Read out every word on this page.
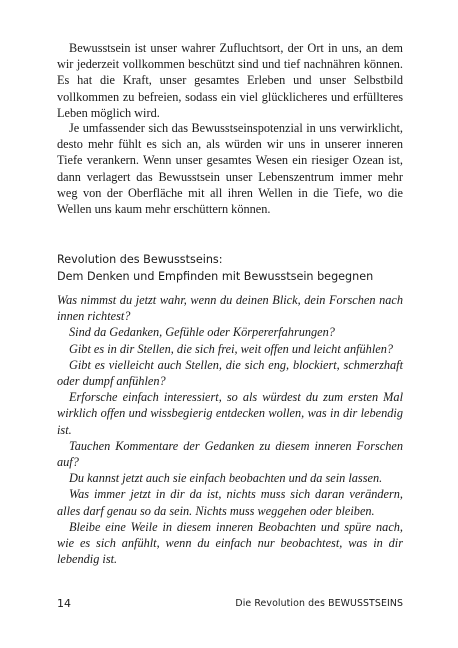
Bewusstsein ist unser wahrer Zufluchtsort, der Ort in uns, an dem wir jederzeit vollkommen beschützt sind und tief nachnähren können. Es hat die Kraft, unser gesamtes Erleben und unser Selbstbild vollkommen zu befreien, sodass ein viel glücklicheres und erfüllteres Leben möglich wird.

Je umfassender sich das Bewusstseinspotenzial in uns verwirklicht, desto mehr fühlt es sich an, als würden wir uns in unserer inneren Tiefe verankern. Wenn unser gesamtes Wesen ein riesiger Ozean ist, dann verlagert das Bewusstsein unser Lebenszentrum immer mehr weg von der Oberfläche mit all ihren Wellen in die Tiefe, wo die Wellen uns kaum mehr erschüttern können.

Revolution des Bewusstseins:

Dem Denken und Empfinden mit Bewusstsein begegnen

Was nimmst du jetzt wahr, wenn du deinen Blick, dein Forschen nach innen richtest?
Sind da Gedanken, Gefühle oder Körpererfahrungen?
Gibt es in dir Stellen, die sich frei, weit offen und leicht anfühlen?
Gibt es vielleicht auch Stellen, die sich eng, blockiert, schmerzhaft oder dumpf anfühlen?
Erforsche einfach interessiert, so als würdest du zum ersten Mal wirklich offen und wissbegierig entdecken wollen, was in dir lebendig ist.
Tauchen Kommentare der Gedanken zu diesem inneren Forschen auf?
Du kannst jetzt auch sie einfach beobachten und da sein lassen.
Was immer jetzt in dir da ist, nichts muss sich daran verändern, alles darf genau so da sein. Nichts muss weggehen oder bleiben.
Bleibe eine Weile in diesem inneren Beobachten und spüre nach, wie es sich anfühlt, wenn du einfach nur beobachtest, was in dir lebendig ist.
14	Die Revolution des BEWUSSTSEINS
